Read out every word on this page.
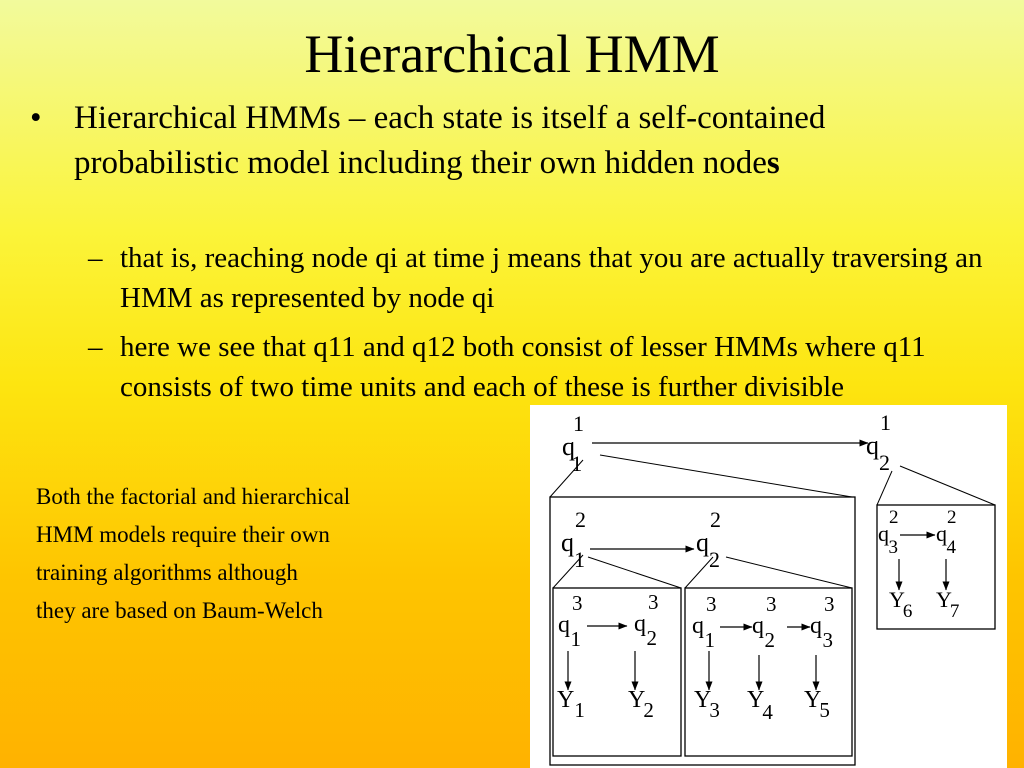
Hierarchical HMM
• Hierarchical HMMs – each state is itself a self-contained probabilistic model including their own hidden nodes
– that is, reaching node qi at time j means that you are actually traversing an HMM as represented by node qi
– here we see that q11 and q12 both consist of lesser HMMs where q11 consists of two time units and each of these is further divisible
Both the factorial and hierarchical
HMM models require their own
training algorithms although
they are based on Baum-Welch
q1 1
$q^1$ 2
$q^2$ 1
$q^2$ 2
q2 3
q2 4
q3 1
q3 2 q3 1
q3 2
q3 3
Y1 Y2 Y3 Y4 Y5
Y6 Y7
